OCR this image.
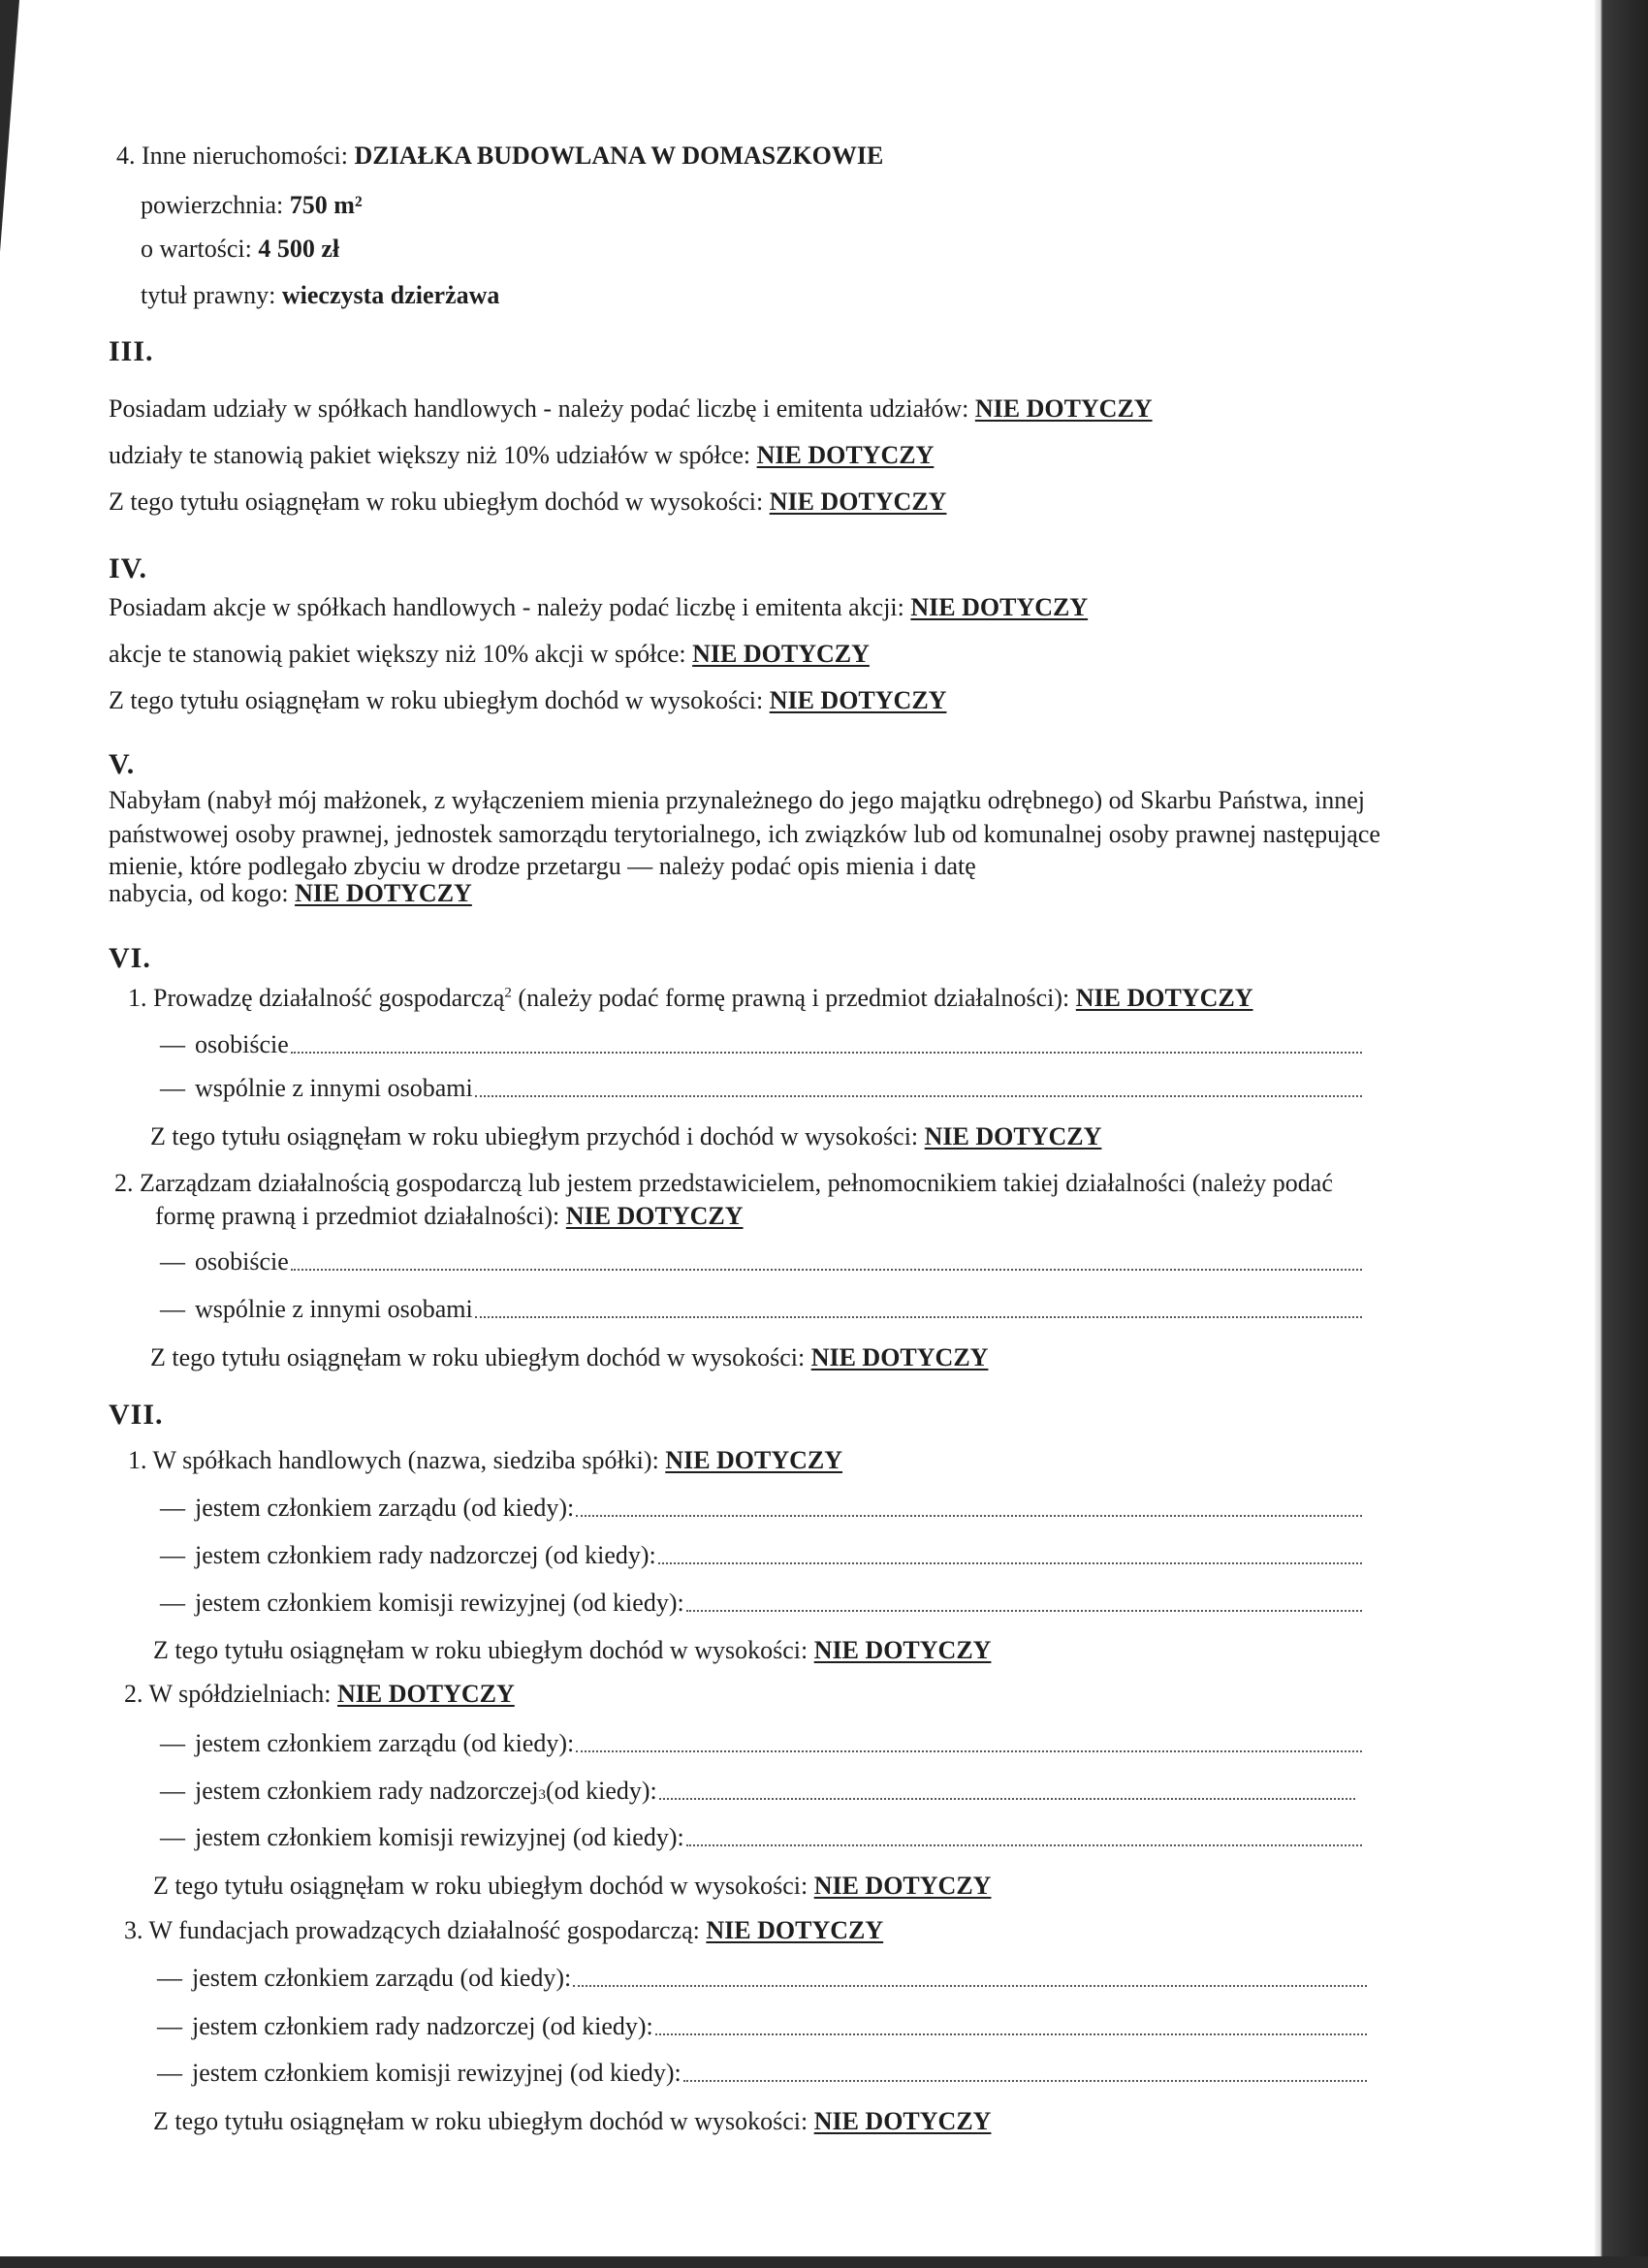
4. Inne nieruchomości: DZIAŁKA BUDOWLANA W DOMASZKOWIE
powierzchnia: 750 m²
o wartości: 4 500 zł
tytuł prawny: wieczysta dzierżawa
III.
Posiadam udziały w spółkach handlowych - należy podać liczbę i emitenta udziałów: NIE DOTYCZY
udziały te stanowią pakiet większy niż 10% udziałów w spółce: NIE DOTYCZY
Z tego tytułu osiągnęłam w roku ubiegłym dochód w wysokości: NIE DOTYCZY
IV.
Posiadam akcje w spółkach handlowych - należy podać liczbę i emitenta akcji: NIE DOTYCZY
akcje te stanowią pakiet większy niż 10% akcji w spółce: NIE DOTYCZY
Z tego tytułu osiągnęłam w roku ubiegłym dochód w wysokości: NIE DOTYCZY
V.
Nabyłam (nabył mój małżonek, z wyłączeniem mienia przynależnego do jego majątku odrębnego) od Skarbu Państwa, innej
państwowej osoby prawnej, jednostek samorządu terytorialnego, ich związków lub od komunalnej osoby prawnej następujące
mienie, które podlegało zbyciu w drodze przetargu — należy podać opis mienia i datę
nabycia, od kogo: NIE DOTYCZY
VI.
1. Prowadzę działalność gospodarczą$^2$ (należy podać formę prawną i przedmiot działalności): NIE DOTYCZY
— osobiście
— wspólnie z innymi osobami
Z tego tytułu osiągnęłam w roku ubiegłym przychód i dochód w wysokości: NIE DOTYCZY
2. Zarządzam działalnością gospodarczą lub jestem przedstawicielem, pełnomocnikiem takiej działalności (należy podać
formę prawną i przedmiot działalności): NIE DOTYCZY
— osobiście
— wspólnie z innymi osobami
Z tego tytułu osiągnęłam w roku ubiegłym dochód w wysokości: NIE DOTYCZY
VII.
1. W spółkach handlowych (nazwa, siedziba spółki): NIE DOTYCZY
— jestem członkiem zarządu (od kiedy):
— jestem członkiem rady nadzorczej (od kiedy):
— jestem członkiem komisji rewizyjnej (od kiedy):
Z tego tytułu osiągnęłam w roku ubiegłym dochód w wysokości: NIE DOTYCZY
2. W spółdzielniach: NIE DOTYCZY
— jestem członkiem zarządu (od kiedy):
— jestem członkiem rady nadzorczej 3 (od kiedy):
— jestem członkiem komisji rewizyjnej (od kiedy):
Z tego tytułu osiągnęłam w roku ubiegłym dochód w wysokości: NIE DOTYCZY
3. W fundacjach prowadzących działalność gospodarczą: NIE DOTYCZY
— jestem członkiem zarządu (od kiedy):
— jestem członkiem rady nadzorczej (od kiedy):
— jestem członkiem komisji rewizyjnej (od kiedy):
Z tego tytułu osiągnęłam w roku ubiegłym dochód w wysokości: NIE DOTYCZY
